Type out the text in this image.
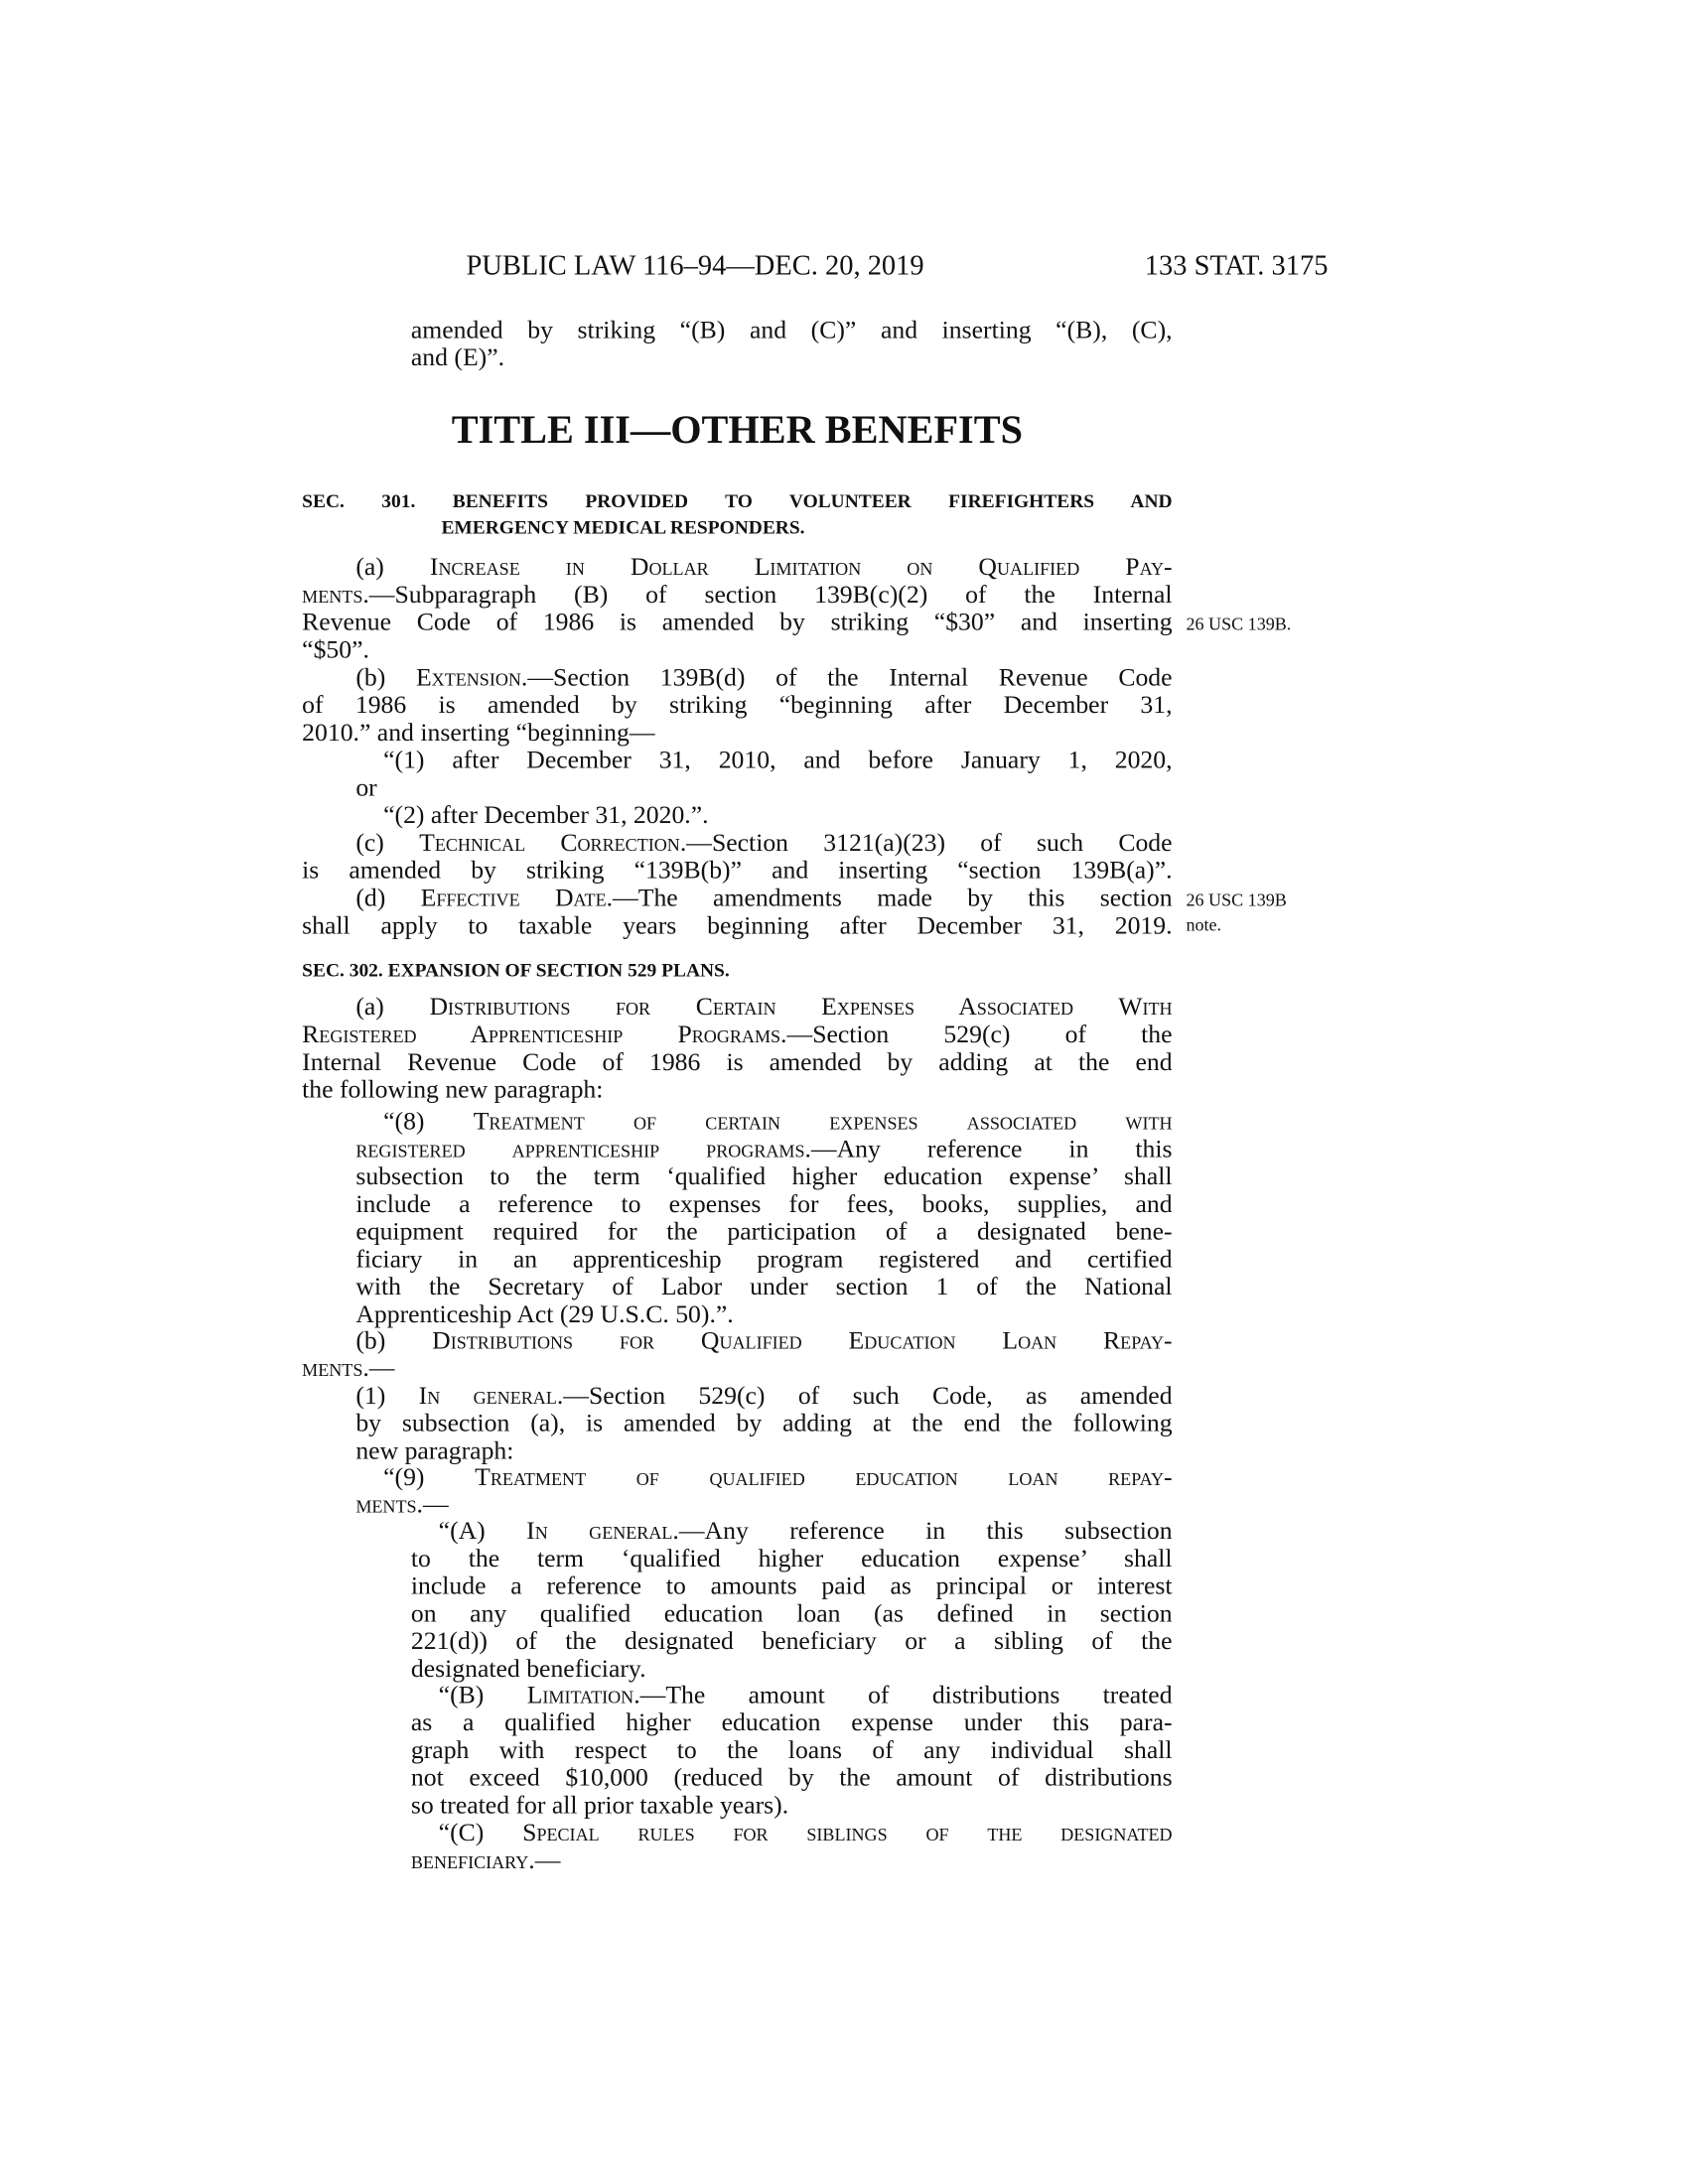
PUBLIC LAW 116–94—DEC. 20, 2019	133 STAT. 3175
TITLE III—OTHER BENEFITS
26 USC 139B.
26 USC 139B
note.
amended by striking “(B) and (C)” and inserting “(B), (C),
and (E)”.
SEC. 301. BENEFITS PROVIDED TO VOLUNTEER FIREFIGHTERS AND
EMERGENCY MEDICAL RESPONDERS.
(a) Increase in Dollar Limitation on Qualified Pay-
ments.—Subparagraph (B) of section 139B(c)(2) of the Internal
Revenue Code of 1986 is amended by striking “$30” and inserting
“$50”.
(b) Extension.—Section 139B(d) of the Internal Revenue Code
of 1986 is amended by striking “beginning after December 31,
2010.” and inserting “beginning—
“(1) after December 31, 2010, and before January 1, 2020,
or
“(2) after December 31, 2020.”.
(c) Technical Correction.—Section 3121(a)(23) of such Code
is amended by striking “139B(b)” and inserting “section 139B(a)”.
(d) Effective Date.—The amendments made by this section
shall apply to taxable years beginning after December 31, 2019.
SEC. 302. EXPANSION OF SECTION 529 PLANS.
(a) Distributions for Certain Expenses Associated With
Registered Apprenticeship Programs.—Section 529(c) of the
Internal Revenue Code of 1986 is amended by adding at the end
the following new paragraph:
“(8) Treatment of certain expenses associated with
registered apprenticeship programs.—Any reference in this
subsection to the term ‘qualified higher education expense’ shall
include a reference to expenses for fees, books, supplies, and
equipment required for the participation of a designated bene-
ficiary in an apprenticeship program registered and certified
with the Secretary of Labor under section 1 of the National
Apprenticeship Act (29 U.S.C. 50).”.
(b) Distributions for Qualified Education Loan Repay-
ments.—
(1) In general.—Section 529(c) of such Code, as amended
by subsection (a), is amended by adding at the end the following
new paragraph:
“(9) Treatment of qualified education loan repay-
ments.—
“(A) In general.—Any reference in this subsection
to the term ‘qualified higher education expense’ shall
include a reference to amounts paid as principal or interest
on any qualified education loan (as defined in section
221(d)) of the designated beneficiary or a sibling of the
designated beneficiary.
“(B) Limitation.—The amount of distributions treated
as a qualified higher education expense under this para-
graph with respect to the loans of any individual shall
not exceed $10,000 (reduced by the amount of distributions
so treated for all prior taxable years).
“(C) Special rules for siblings of the designated
beneficiary.—
